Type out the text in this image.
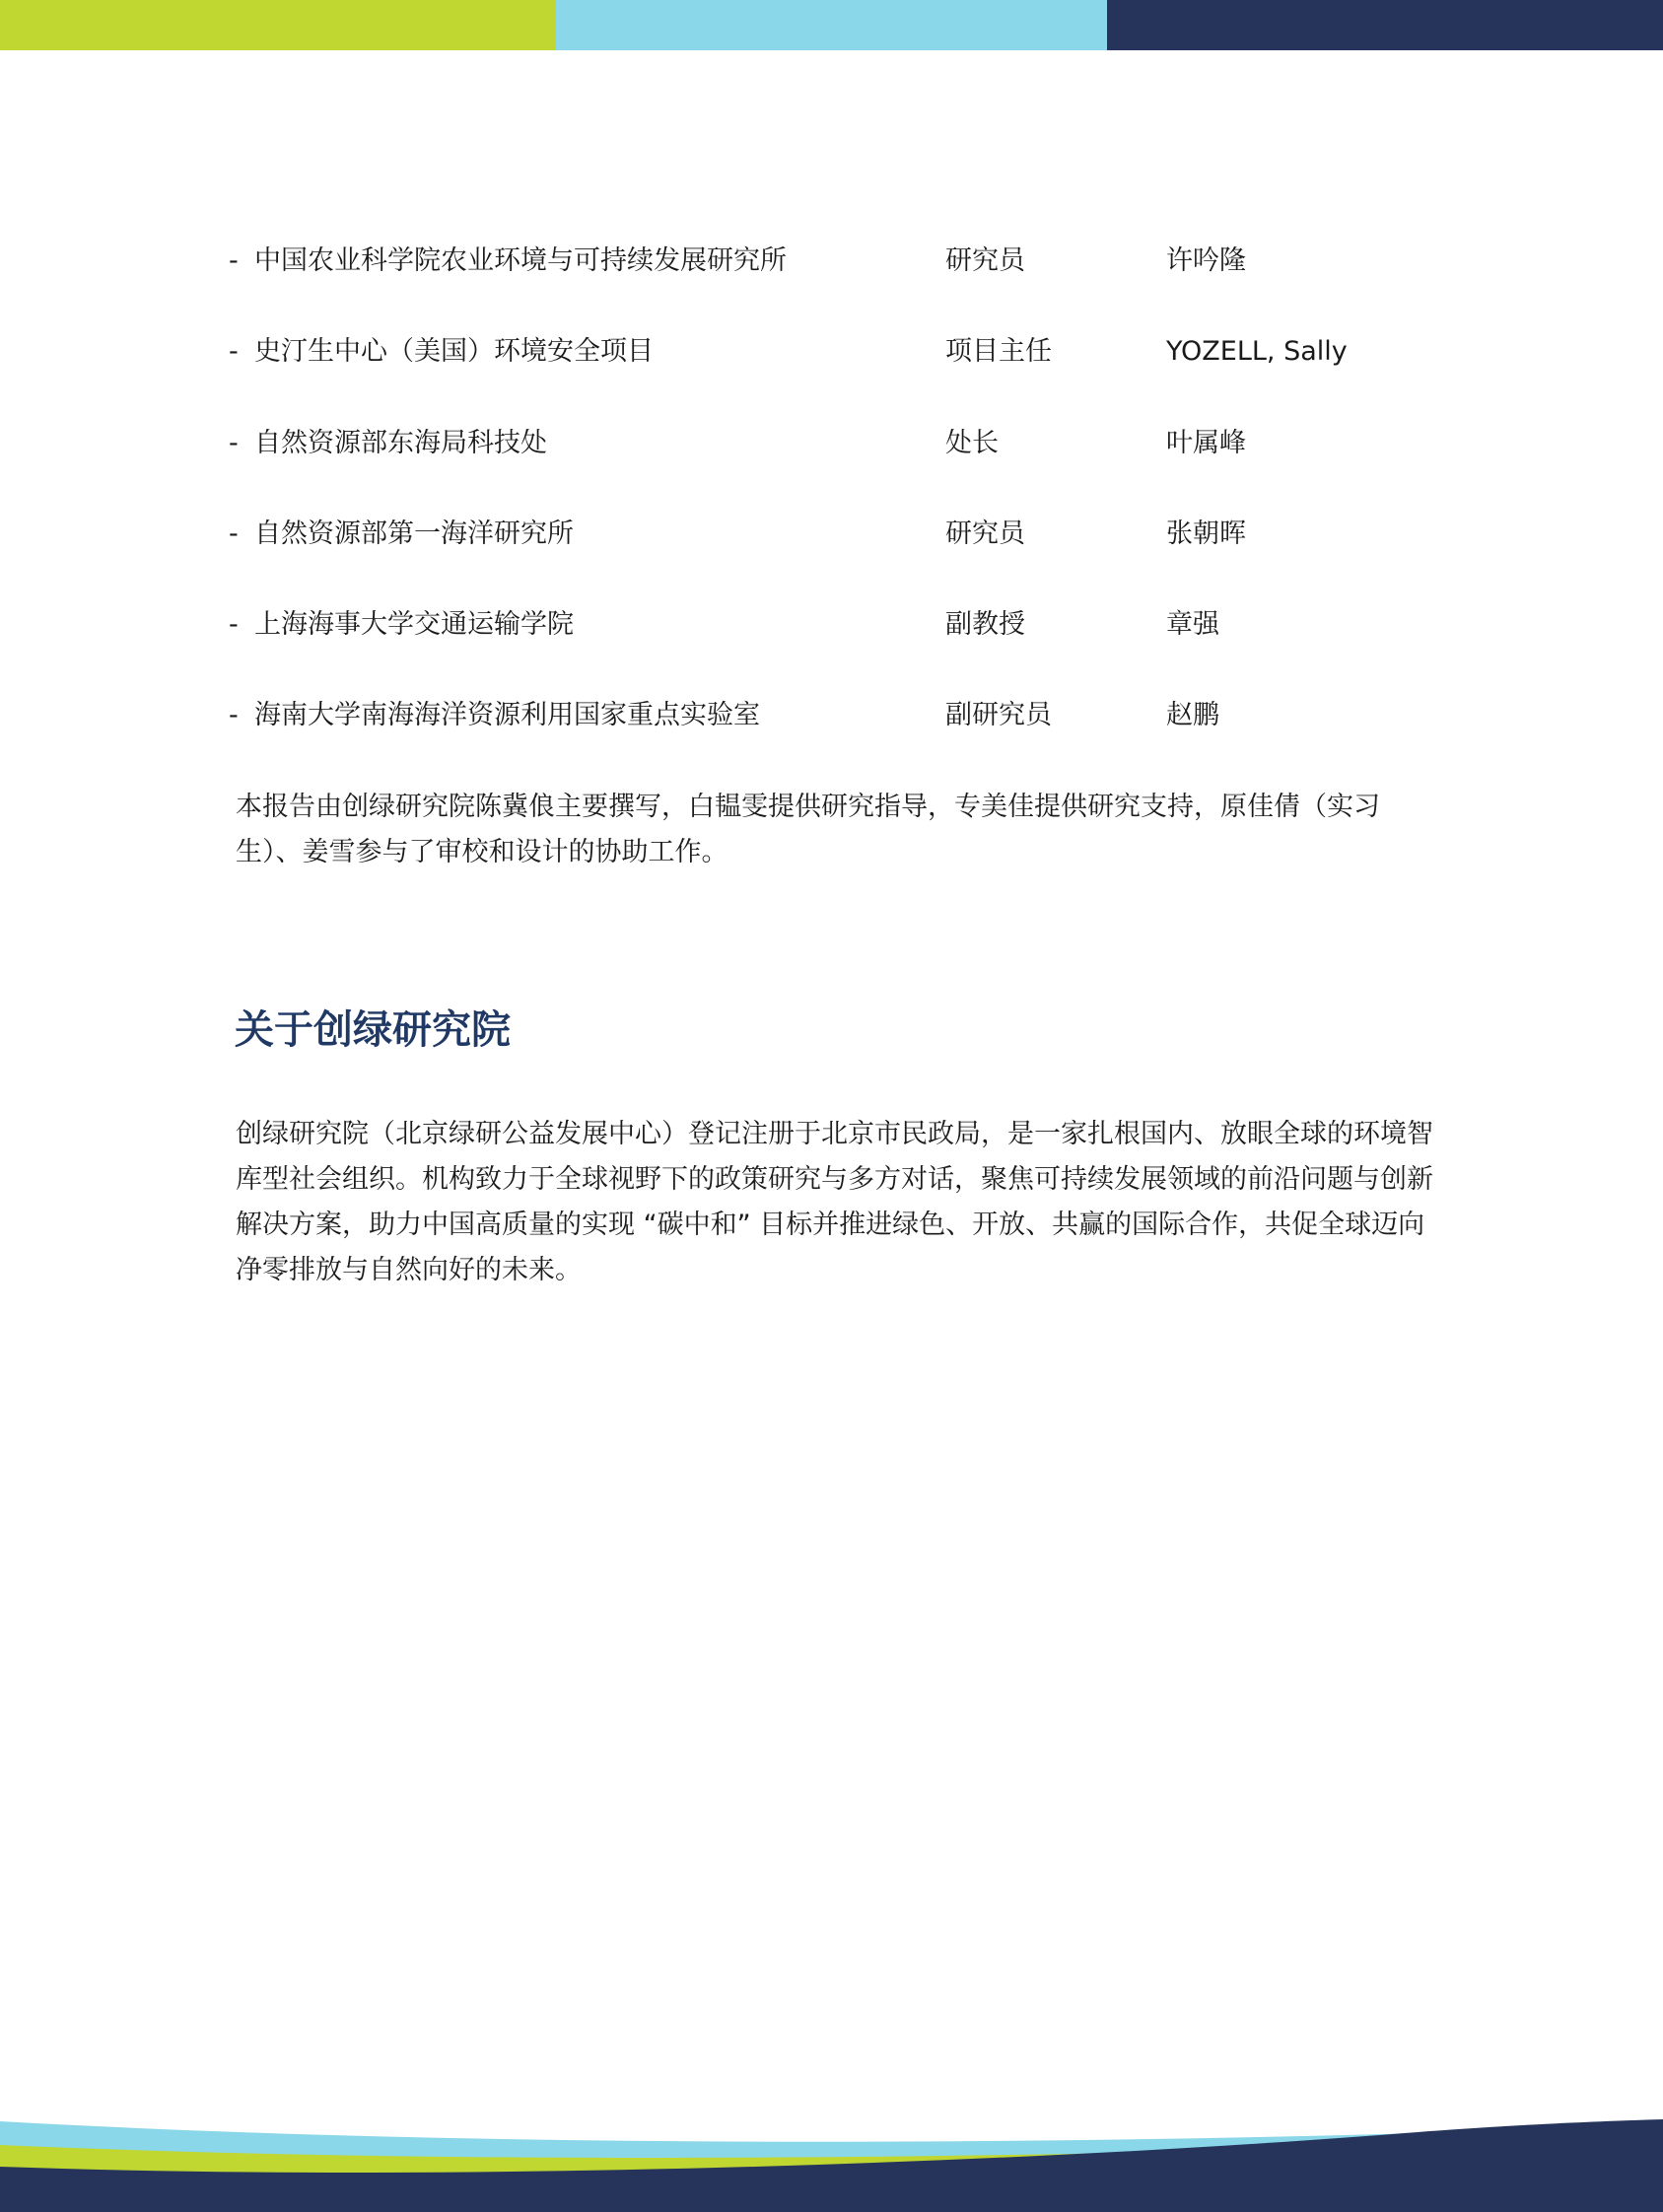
- 中国农业科学院农业环境与可持续发展研究所	研究员	许吟隆
- 史汀生中心（美国）环境安全项目	项目主任	YOZELL, Sally
- 自然资源部东海局科技处	处长	叶属峰
- 自然资源部第一海洋研究所	研究员	张朝晖
- 上海海事大学交通运输学院	副教授	章强
- 海南大学南海海洋资源利用国家重点实验室	副研究员	赵鹏

本报告由创绿研究院陈冀俍主要撰写，白韫雯提供研究指导，专美佳提供研究支持，原佳倩（实习生）、姜雪参与了审校和设计的协助工作。

关于创绿研究院

创绿研究院（北京绿研公益发展中心）登记注册于北京市民政局，是一家扎根国内、放眼全球的环境智库型社会组织。机构致力于全球视野下的政策研究与多方对话，聚焦可持续发展领域的前沿问题与创新解决方案，助力中国高质量的实现 “碳中和” 目标并推进绿色、开放、共赢的国际合作，共促全球迈向净零排放与自然向好的未来。
